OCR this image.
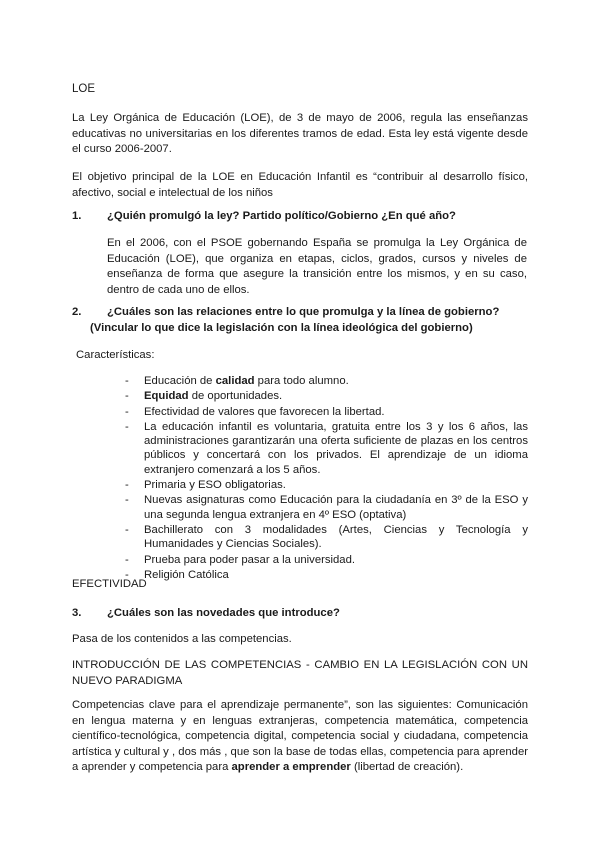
LOE

La Ley Orgánica de Educación (LOE), de 3 de mayo de 2006, regula las enseñanzas educativas no universitarias en los diferentes tramos de edad. Esta ley está vigente desde el curso 2006-2007.

El objetivo principal de la LOE en Educación Infantil es “contribuir al desarrollo físico, afectivo, social e intelectual de los niños

1. ¿Quién promulgó la ley? Partido político/Gobierno ¿En qué año?

En el 2006, con el PSOE gobernando España se promulga la Ley Orgánica de Educación (LOE), que organiza en etapas, ciclos, grados, cursos y niveles de enseñanza de forma que asegure la transición entre los mismos, y en su caso, dentro de cada uno de ellos.

2. ¿Cuáles son las relaciones entre lo que promulga y la línea de gobierno?
(Vincular lo que dice la legislación con la línea ideológica del gobierno)
Características:
- Educación de calidad para todo alumno.
- Equidad de oportunidades.
- Efectividad de valores que favorecen la libertad.
- La educación infantil es voluntaria, gratuita entre los 3 y los 6 años, las administraciones garantizarán una oferta suficiente de plazas en los centros públicos y concertará con los privados. El aprendizaje de un idioma extranjero comenzará a los 5 años.
- Primaria y ESO obligatorias.
- Nuevas asignaturas como Educación para la ciudadanía en 3º de la ESO y una segunda lengua extranjera en 4º ESO (optativa)
- Bachillerato con 3 modalidades (Artes, Ciencias y Tecnología y Humanidades y Ciencias Sociales).
- Prueba para poder pasar a la universidad.
- Religión Católica
EFECTIVIDAD
3. ¿Cuáles son las novedades que introduce?

Pasa de los contenidos a las competencias.

INTRODUCCIÓN DE LAS COMPETENCIAS - CAMBIO EN LA LEGISLACIÓN CON UN NUEVO PARADIGMA

Competencias clave para el aprendizaje permanente”, son las siguientes: Comunicación en lengua materna y en lenguas extranjeras, competencia matemática, competencia científico-tecnológica, competencia digital, competencia social y ciudadana, competencia artística y cultural y , dos más , que son la base de todas ellas, competencia para aprender a aprender y competencia para aprender a emprender (libertad de creación).
